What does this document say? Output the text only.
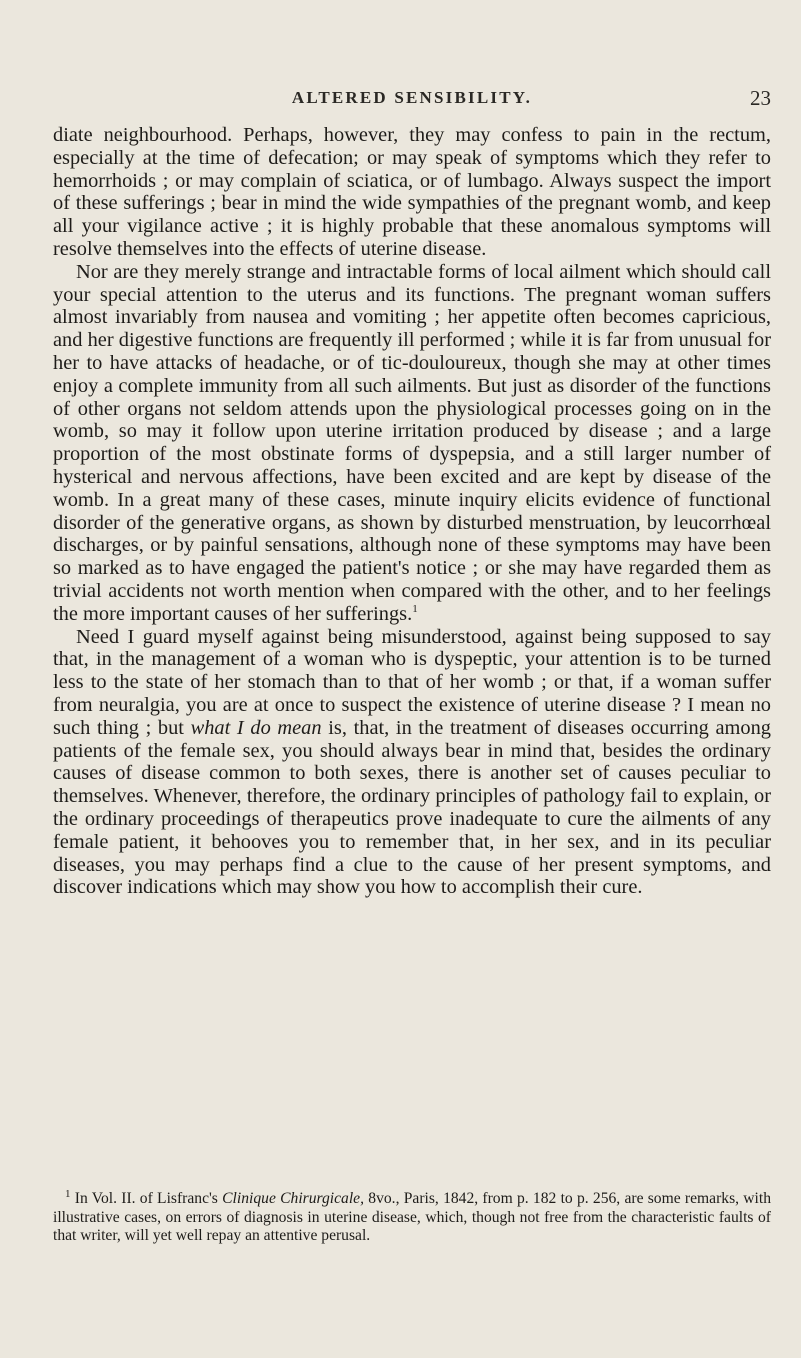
ALTERED SENSIBILITY.	23

diate neighbourhood. Perhaps, however, they may confess to pain in the rectum, especially at the time of defecation; or may speak of symptoms which they refer to hemorrhoids ; or may complain of sciatica, or of lumbago. Always suspect the import of these sufferings ; bear in mind the wide sympathies of the pregnant womb, and keep all your vigilance active ; it is highly probable that these anomalous symptoms will resolve themselves into the effects of uterine disease.

Nor are they merely strange and intractable forms of local ailment which should call your special attention to the uterus and its functions. The pregnant woman suffers almost invariably from nausea and vomiting ; her appetite often becomes capricious, and her digestive functions are frequently ill performed ; while it is far from unusual for her to have attacks of headache, or of tic-douloureux, though she may at other times enjoy a complete immunity from all such ailments. But just as disorder of the functions of other organs not seldom attends upon the physiological processes going on in the womb, so may it follow upon uterine irritation produced by disease ; and a large proportion of the most obstinate forms of dyspepsia, and a still larger number of hysterical and nervous affections, have been excited and are kept by disease of the womb. In a great many of these cases, minute inquiry elicits evidence of functional disorder of the generative organs, as shown by disturbed menstruation, by leucorrhœal discharges, or by painful sensations, although none of these symptoms may have been so marked as to have engaged the patient's notice ; or she may have regarded them as trivial accidents not worth mention when compared with the other, and to her feelings the more important causes of her sufferings.$^1$

Need I guard myself against being misunderstood, against being supposed to say that, in the management of a woman who is dyspeptic, your attention is to be turned less to the state of her stomach than to that of her womb ; or that, if a woman suffer from neuralgia, you are at once to suspect the existence of uterine disease ? I mean no such thing ; but what I do mean is, that, in the treatment of diseases occurring among patients of the female sex, you should always bear in mind that, besides the ordinary causes of disease common to both sexes, there is another set of causes peculiar to themselves. Whenever, therefore, the ordinary principles of pathology fail to explain, or the ordinary proceedings of therapeutics prove inadequate to cure the ailments of any female patient, it behooves you to remember that, in her sex, and in its peculiar diseases, you may perhaps find a clue to the cause of her present symptoms, and discover indications which may show you how to accomplish their cure.

$^1$ In Vol. II. of Lisfranc's Clinique Chirurgicale, 8vo., Paris, 1842, from p. 182 to p. 256, are some remarks, with illustrative cases, on errors of diagnosis in uterine disease, which, though not free from the characteristic faults of that writer, will yet well repay an attentive perusal.
